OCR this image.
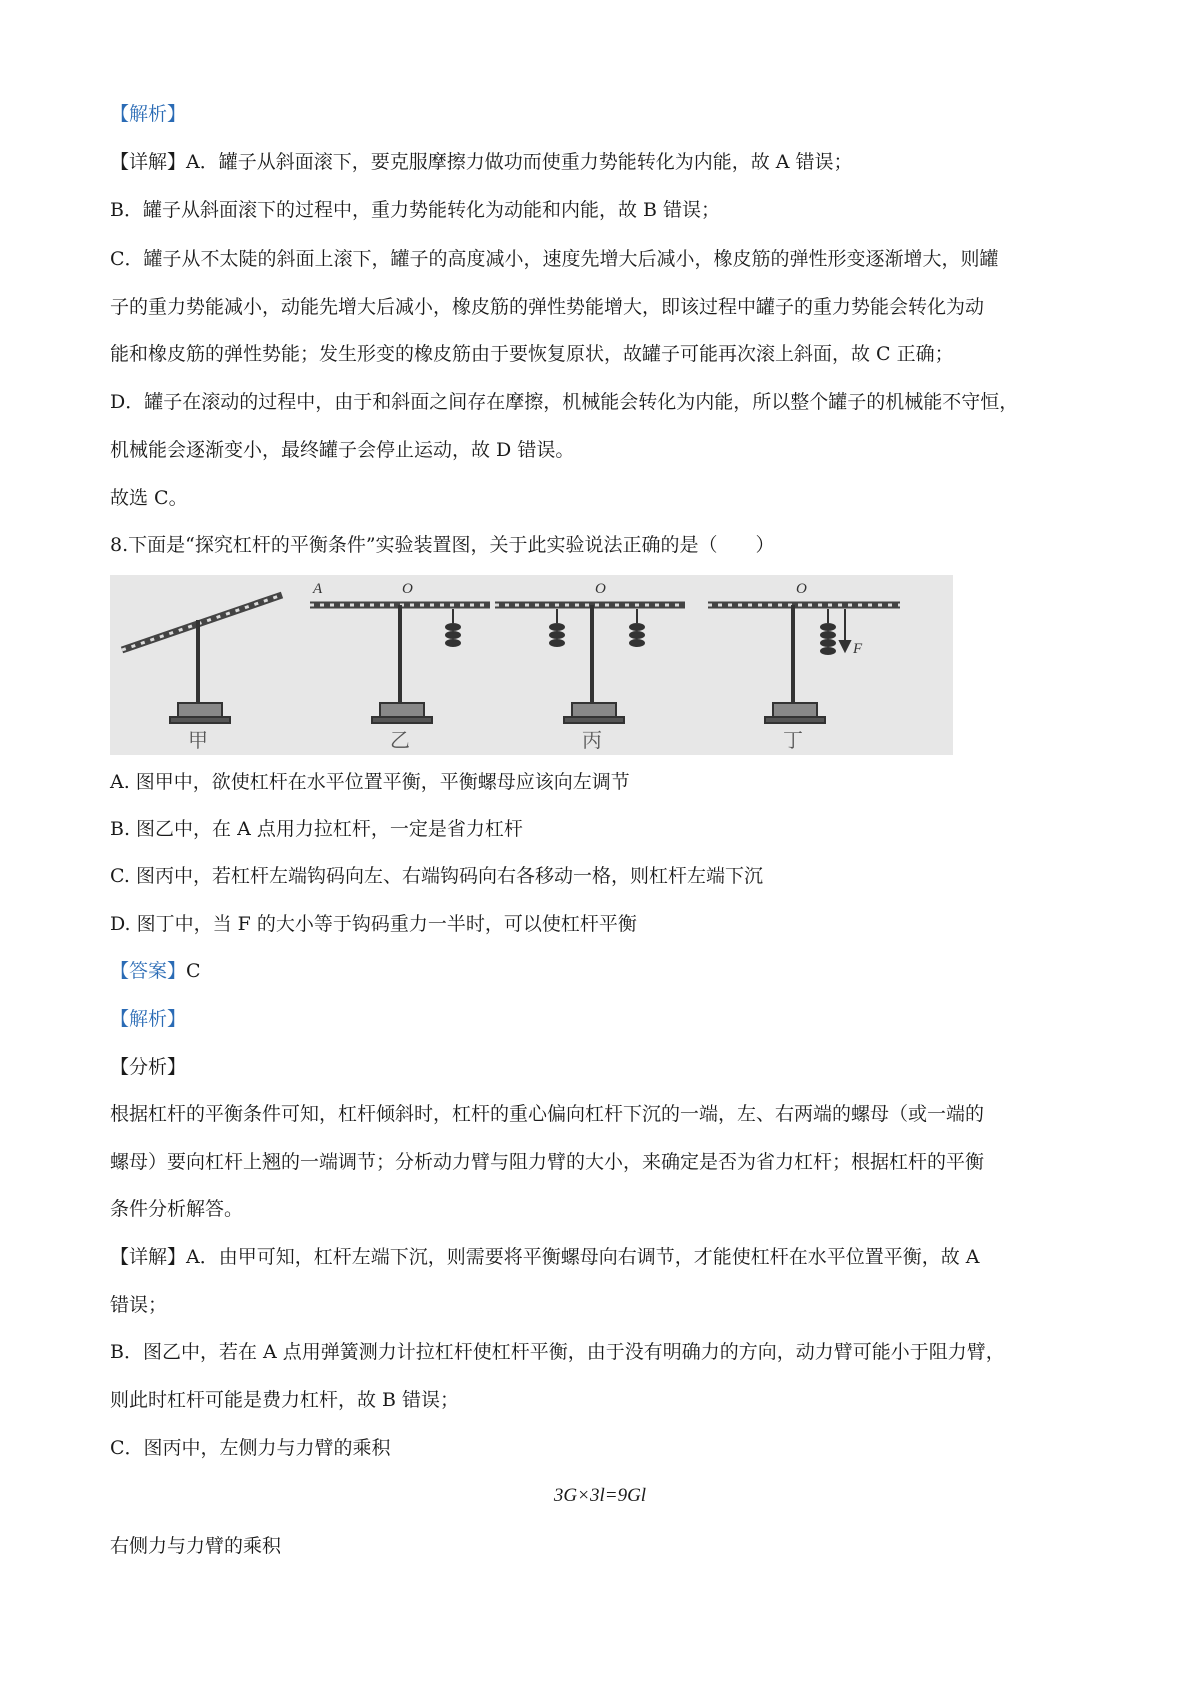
【解析】
【详解】A．罐子从斜面滚下，要克服摩擦力做功而使重力势能转化为内能，故 A 错误；
B．罐子从斜面滚下的过程中，重力势能转化为动能和内能，故 B 错误；
C．罐子从不太陡的斜面上滚下，罐子的高度减小，速度先增大后减小，橡皮筋的弹性形变逐渐增大，则罐
子的重力势能减小，动能先增大后减小，橡皮筋的弹性势能增大，即该过程中罐子的重力势能会转化为动
能和橡皮筋的弹性势能；发生形变的橡皮筋由于要恢复原状，故罐子可能再次滚上斜面，故 C 正确；
D．罐子在滚动的过程中，由于和斜面之间存在摩擦，机械能会转化为内能，所以整个罐子的机械能不守恒，
机械能会逐渐变小，最终罐子会停止运动，故 D 错误。
故选 C。
8.下面是“探究杠杆的平衡条件”实验装置图，关于此实验说法正确的是（　　）
A	O	O	O
F
甲	乙	丙	丁
A. 图甲中，欲使杠杆在水平位置平衡，平衡螺母应该向左调节
B. 图乙中，在 A 点用力拉杠杆，一定是省力杠杆
C. 图丙中，若杠杆左端钩码向左、右端钩码向右各移动一格，则杠杆左端下沉
D. 图丁中，当 F 的大小等于钩码重力一半时，可以使杠杆平衡
【答案】C
【解析】
【分析】
根据杠杆的平衡条件可知，杠杆倾斜时，杠杆的重心偏向杠杆下沉的一端，左、右两端的螺母（或一端的
螺母）要向杠杆上翘的一端调节；分析动力臂与阻力臂的大小，来确定是否为省力杠杆；根据杠杆的平衡
条件分析解答。
【详解】A．由甲可知，杠杆左端下沉，则需要将平衡螺母向右调节，才能使杠杆在水平位置平衡，故 A
错误；
B．图乙中，若在 A 点用弹簧测力计拉杠杆使杠杆平衡，由于没有明确力的方向，动力臂可能小于阻力臂，
则此时杠杆可能是费力杠杆，故 B 错误；
C．图丙中，左侧力与力臂的乘积
3G×3l=9Gl
右侧力与力臂的乘积
